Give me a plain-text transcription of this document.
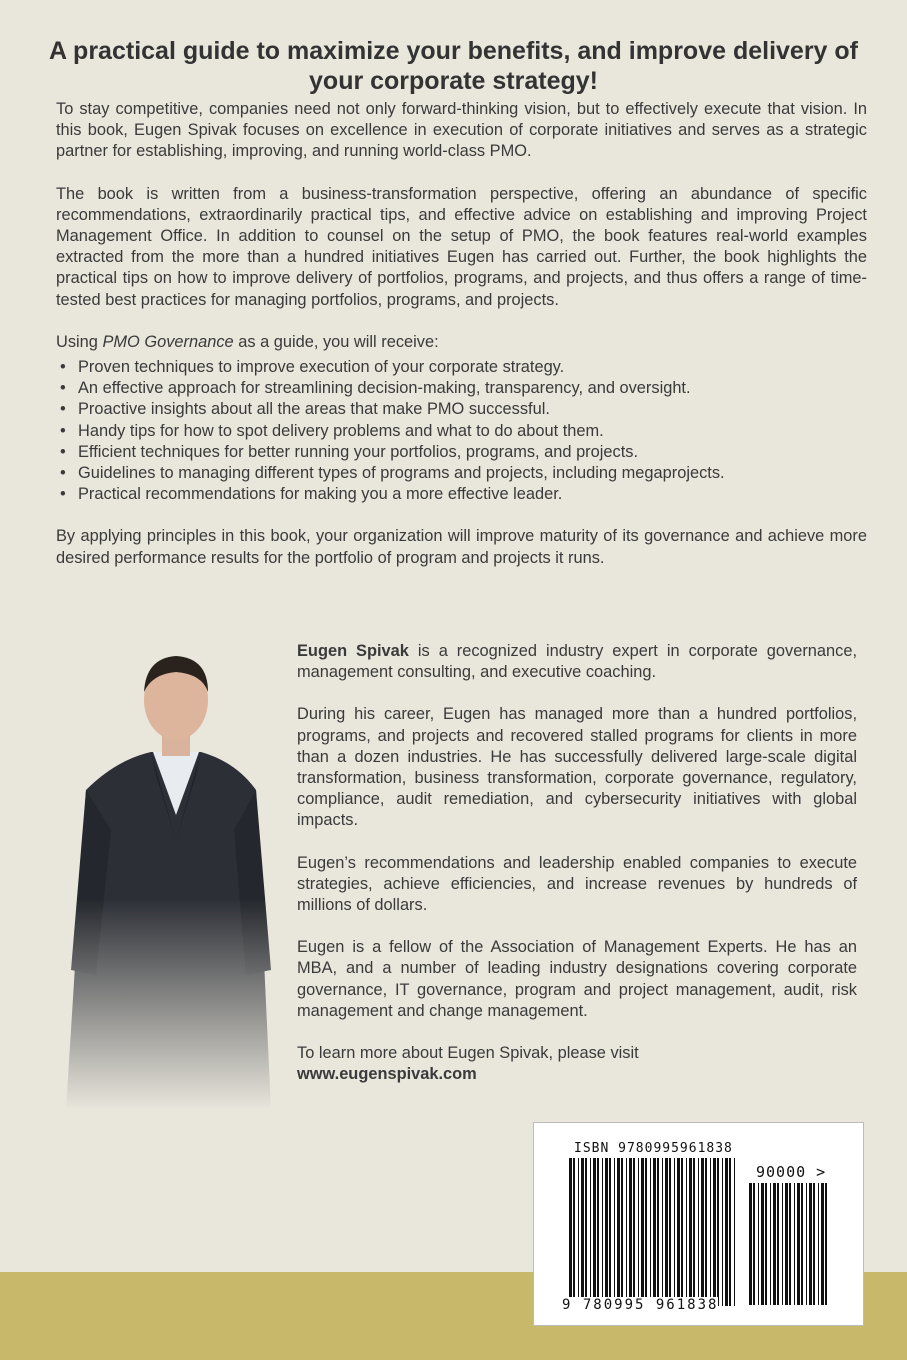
A practical guide to maximize your benefits, and improve delivery of your corporate strategy!

To stay competitive, companies need not only forward-thinking vision, but to effectively execute that vision. In this book, Eugen Spivak focuses on excellence in execution of corporate initiatives and serves as a strategic partner for establishing, improving, and running world-class PMO.

The book is written from a business-transformation perspective, offering an abundance of specific recommendations, extraordinarily practical tips, and effective advice on establishing and improving Project Management Office. In addition to counsel on the setup of PMO, the book features real-world examples extracted from the more than a hundred initiatives Eugen has carried out. Further, the book highlights the practical tips on how to improve delivery of portfolios, programs, and projects, and thus offers a range of time-tested best practices for managing portfolios, programs, and projects.

Using PMO Governance as a guide, you will receive:

• Proven techniques to improve execution of your corporate strategy.
• An effective approach for streamlining decision-making, transparency, and oversight.
• Proactive insights about all the areas that make PMO successful.
• Handy tips for how to spot delivery problems and what to do about them.
• Efficient techniques for better running your portfolios, programs, and projects.
• Guidelines to managing different types of programs and projects, including megaprojects.
• Practical recommendations for making you a more effective leader.

By applying principles in this book, your organization will improve maturity of its governance and achieve more desired performance results for the portfolio of program and projects it runs.

Eugen Spivak is a recognized industry expert in corporate governance, management consulting, and executive coaching.

During his career, Eugen has managed more than a hundred portfolios, programs, and projects and recovered stalled programs for clients in more than a dozen industries. He has successfully delivered large-scale digital transformation, business transformation, corporate governance, regulatory, compliance, audit remediation, and cybersecurity initiatives with global impacts.

Eugen’s recommendations and leadership enabled companies to execute strategies, achieve efficiencies, and increase revenues by hundreds of millions of dollars.

Eugen is a fellow of the Association of Management Experts. He has an MBA, and a number of leading industry designations covering corporate governance, IT governance, program and project management, audit, risk management and change management.

To learn more about Eugen Spivak, please visit
www.eugenspivak.com

ISBN 9780995961838
90000 >
9 780995 961838
